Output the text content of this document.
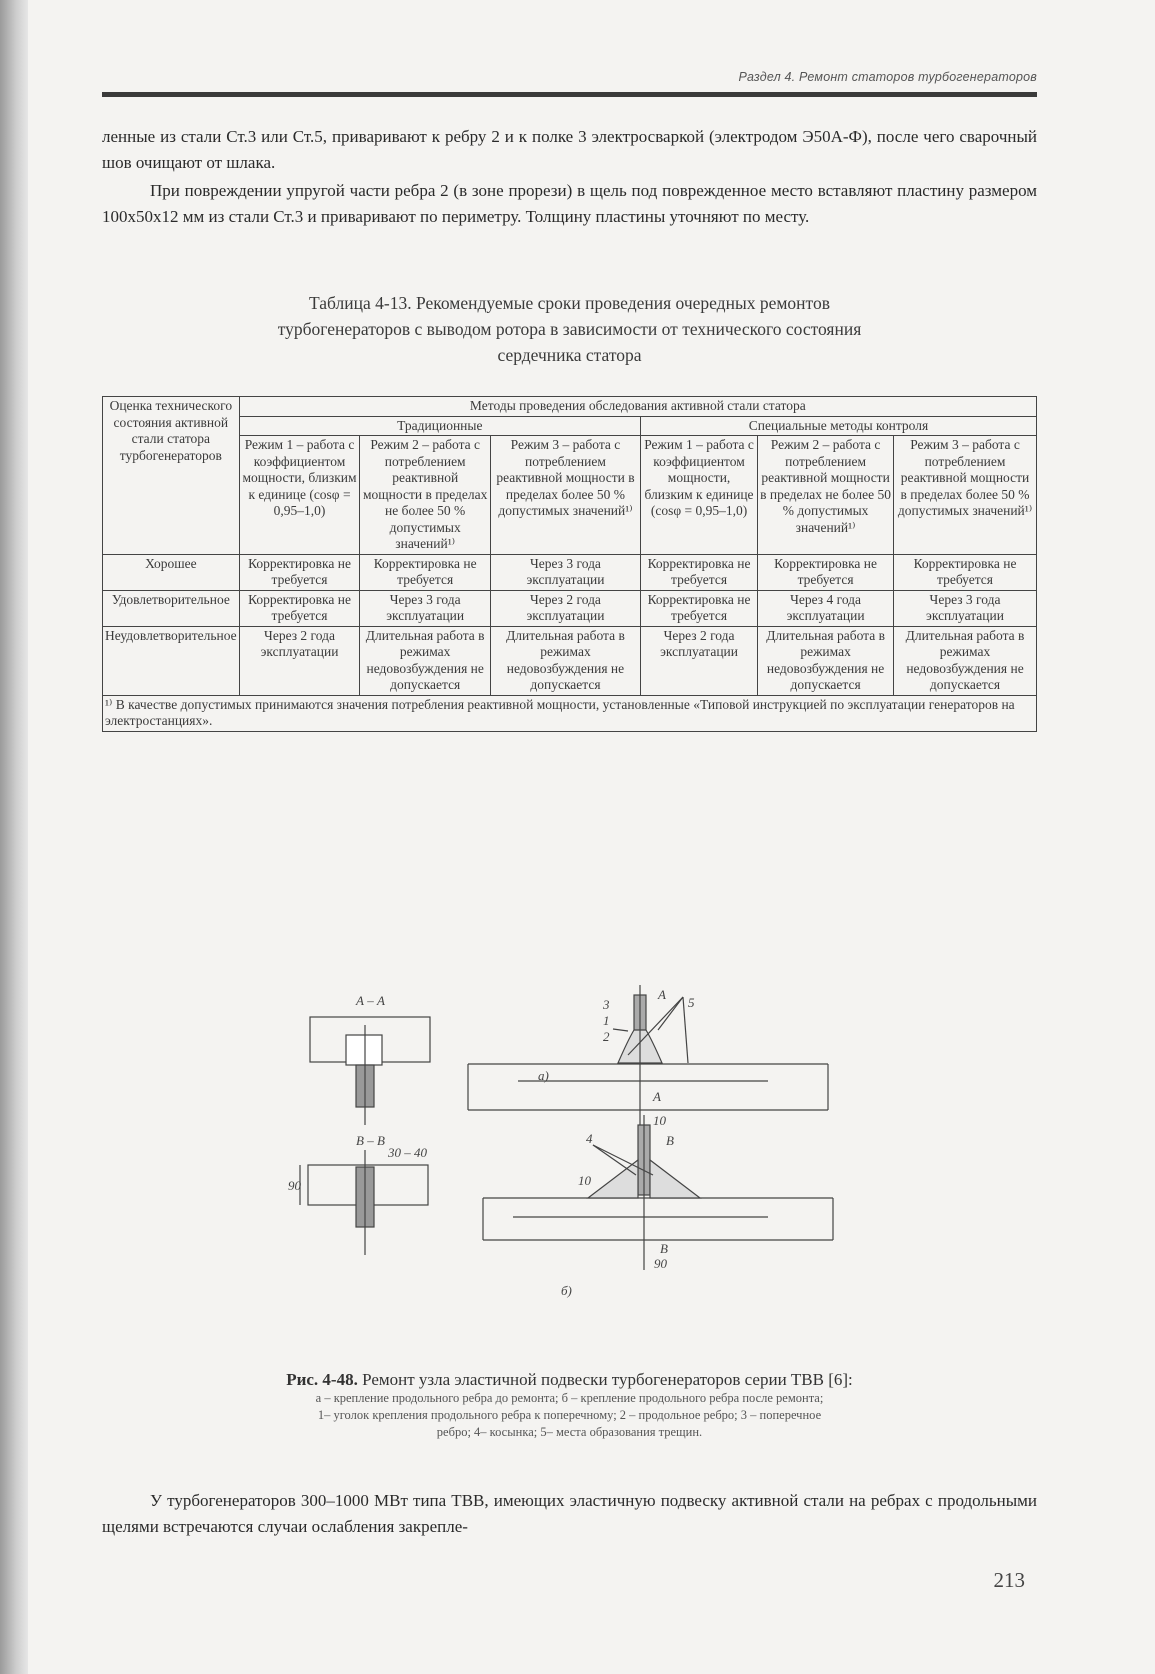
Раздел 4. Ремонт статоров турбогенераторов
ленные из стали Ст.3 или Ст.5, приваривают к ребру 2 и к полке 3 электросваркой (электродом Э50А-Ф), после чего сварочный шов очищают от шлака.
При повреждении упругой части ребра 2 (в зоне прорези) в щель под поврежденное место вставляют пластину размером 100х50х12 мм из стали Ст.3 и приваривают по периметру. Толщину пластины уточняют по месту.
Таблица 4-13. Рекомендуемые сроки проведения очередных ремонтов
турбогенераторов с выводом ротора в зависимости от технического состояния
сердечника статора
Оценка технического состояния активной стали статора турбогенераторов	Методы проведения обследования активной стали статора					
	Традиционные			Специальные методы контроля		
	Режим 1 – работа с коэффициентом мощности, близким к единице (cosφ = 0,95–1,0)	Режим 2 – работа с потреблением реактивной мощности в пределах не более 50 % допустимых значений¹⁾	Режим 3 – работа с потреблением реактивной мощности в пределах более 50 % допустимых значений¹⁾	Режим 1 – работа с коэффициентом мощности, близким к единице (cosφ = 0,95–1,0)	Режим 2 – работа с потреблением реактивной мощности в пределах не более 50 % допустимых значений¹⁾	Режим 3 – работа с потреблением реактивной мощности в пределах более 50 % допустимых значений¹⁾
Хорошее	Корректировка не требуется	Корректировка не требуется	Через 3 года эксплуатации	Корректировка не требуется	Корректировка не требуется	Корректировка не требуется
Удовлетворительное	Корректировка не требуется	Через 3 года эксплуатации	Через 2 года эксплуатации	Корректировка не требуется	Через 4 года эксплуатации	Через 3 года эксплуатации
Неудовлетворительное	Через 2 года эксплуатации	Длительная работа в режимах недовозбуждения не допускается	Длительная работа в режимах недовозбуждения не допускается	Через 2 года эксплуатации	Длительная работа в режимах недовозбуждения не допускается	Длительная работа в режимах недовозбуждения не допускается
¹⁾ В качестве допустимых принимаются значения потребления реактивной мощности, установленные «Типовой инструкцией по эксплуатации генераторов на электростанциях».						
А – А
а)
А
А
3
1
2
5
В – В
30 – 40
90	10
4
10
В
В
90
б)
Рис. 4-48. Ремонт узла эластичной подвески турбогенераторов серии ТВВ [6]:
а – крепление продольного ребра до ремонта; б – крепление продольного ребра после ремонта;
1– уголок крепления продольного ребра к поперечному; 2 – продольное ребро; 3 – поперечное
ребро; 4– косынка; 5– места образования трещин.
У турбогенераторов 300–1000 МВт типа ТВВ, имеющих эластичную подвеску активной стали на ребрах с продольными щелями встречаются случаи ослабления закрепле-
213
